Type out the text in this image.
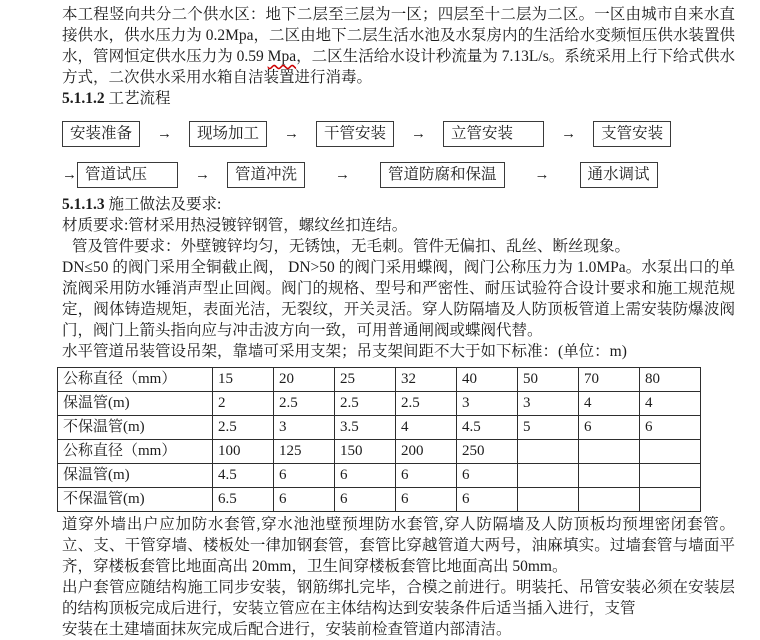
本工程竖向共分二个供水区：地下二层至三层为一区；四层至十二层为二区。一区由城市自来水直接供水，供水压力为 0.2Mpa，二区由地下二层生活水池及水泵房内的生活给水变频恒压供水装置供水，管网恒定供水压力为 0.59 Mpa，二区生活给水设计秒流量为 7.13L/s。系统采用上行下给式供水方式，二次供水采用水箱自洁装置进行消毒。

5.1.1.2 工艺流程

安装准备	→	现场加工	→	干管安装	→	立管安装	→	支管安装
→ 管道试压	→	管道冲洗	→	管道防腐和保温	→	通水调试

5.1.1.3 施工做法及要求:

材质要求:管材采用热浸镀锌钢管，螺纹丝扣连结。

管及管件要求：外壁镀锌均匀，无锈蚀，无毛刺。管件无偏扣、乱丝、断丝现象。

DN≤50 的阀门采用全铜截止阀， DN>50 的阀门采用蝶阀，阀门公称压力为 1.0MPa。水泵出口的单流阀采用防水锤消声型止回阀。阀门的规格、型号和严密性、耐压试验符合设计要求和施工规范规定，阀体铸造规矩，表面光洁，无裂纹，开关灵活。穿人防隔墙及人防顶板管道上需安装防爆波阀门，阀门上箭头指向应与冲击波方向一致，可用普通闸阀或蝶阀代替。

水平管道吊装管设吊架，靠墙可采用支架；吊支架间距不大于如下标准：(单位：m)

公称直径（mm）	15	20	25	32	40	50	70	80
保温管(m)	2	2.5	2.5	2.5	3	3	4	4
不保温管(m)	2.5	3	3.5	4	4.5	5	6	6
公称直径（mm）	100	125	150	200	250			
保温管(m)	4.5	6	6	6	6			
不保温管(m)	6.5	6	6	6	6			

道穿外墙出户应加防水套管,穿水池池壁预埋防水套管,穿人防隔墙及人防顶板均预埋密闭套管。立、支、干管穿墙、楼板处一律加钢套管，套管比穿越管道大两号，油麻填实。过墙套管与墙面平齐，穿楼板套管比地面高出 20mm，卫生间穿楼板套管比地面高出 50mm。

出户套管应随结构施工同步安装，钢筋绑扎完毕，合模之前进行。明装托、吊管安装必须在安装层的结构顶板完成后进行，安装立管应在主体结构达到安装条件后适当插入进行，支管

安装在土建墙面抹灰完成后配合进行，安装前检查管道内部清洁。
